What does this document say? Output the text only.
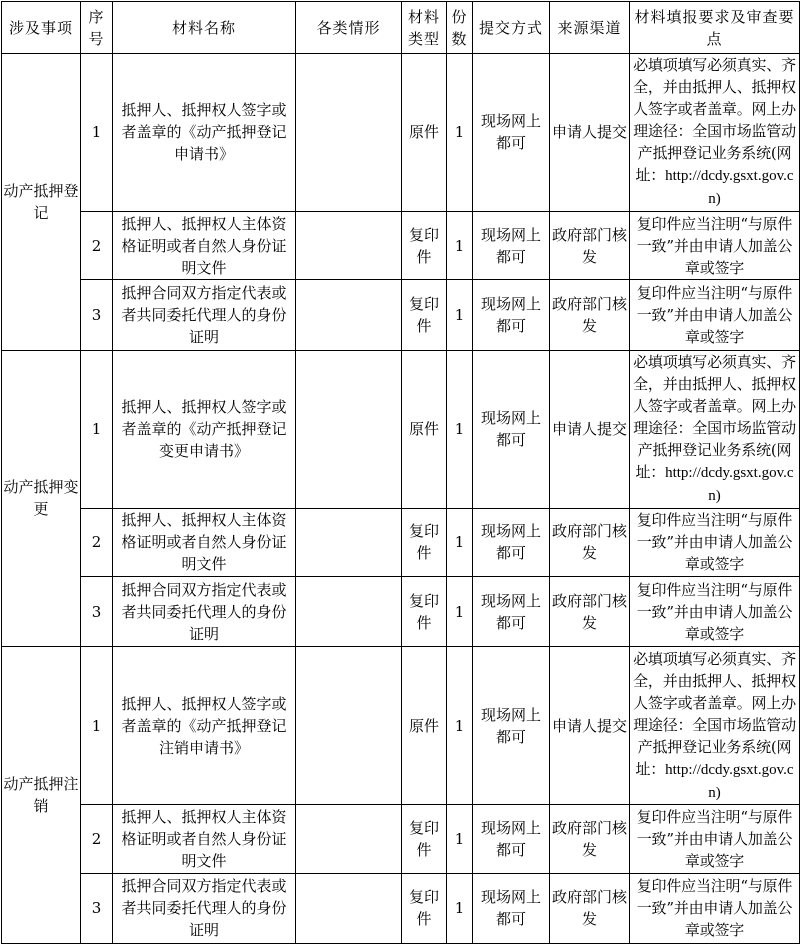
涉及事项	序号	材料名称	各类情形	材料类型	份数	提交方式	来源渠道	材料填报要求及审查要点
动产抵押登记	1	抵押人、抵押权人签字或者盖章的《动产抵押登记申请书》		原件	1	现场网上都可	申请人提交	必填项填写必须真实、齐全，并由抵押人、抵押权人签字或者盖章。网上办理途径：全国市场监管动产抵押登记业务系统(网址：http://dcdy.gsxt.gov.cn)
	2	抵押人、抵押权人主体资格证明或者自然人身份证明文件		复印件	1	现场网上都可	政府部门核发	复印件应当注明“与原件一致”并由申请人加盖公章或签字
	3	抵押合同双方指定代表或者共同委托代理人的身份证明		复印件	1	现场网上都可	政府部门核发	复印件应当注明“与原件一致”并由申请人加盖公章或签字
动产抵押变更	1	抵押人、抵押权人签字或者盖章的《动产抵押登记变更申请书》		原件	1	现场网上都可	申请人提交	必填项填写必须真实、齐全，并由抵押人、抵押权人签字或者盖章。网上办理途径：全国市场监管动产抵押登记业务系统(网址：http://dcdy.gsxt.gov.cn)
	2	抵押人、抵押权人主体资格证明或者自然人身份证明文件		复印件	1	现场网上都可	政府部门核发	复印件应当注明“与原件一致”并由申请人加盖公章或签字
	3	抵押合同双方指定代表或者共同委托代理人的身份证明		复印件	1	现场网上都可	政府部门核发	复印件应当注明“与原件一致”并由申请人加盖公章或签字
动产抵押注销	1	抵押人、抵押权人签字或者盖章的《动产抵押登记注销申请书》		原件	1	现场网上都可	申请人提交	必填项填写必须真实、齐全，并由抵押人、抵押权人签字或者盖章。网上办理途径：全国市场监管动产抵押登记业务系统(网址：http://dcdy.gsxt.gov.cn)
	2	抵押人、抵押权人主体资格证明或者自然人身份证明文件		复印件	1	现场网上都可	政府部门核发	复印件应当注明“与原件一致”并由申请人加盖公章或签字
	3	抵押合同双方指定代表或者共同委托代理人的身份证明		复印件	1	现场网上都可	政府部门核发	复印件应当注明“与原件一致”并由申请人加盖公章或签字
